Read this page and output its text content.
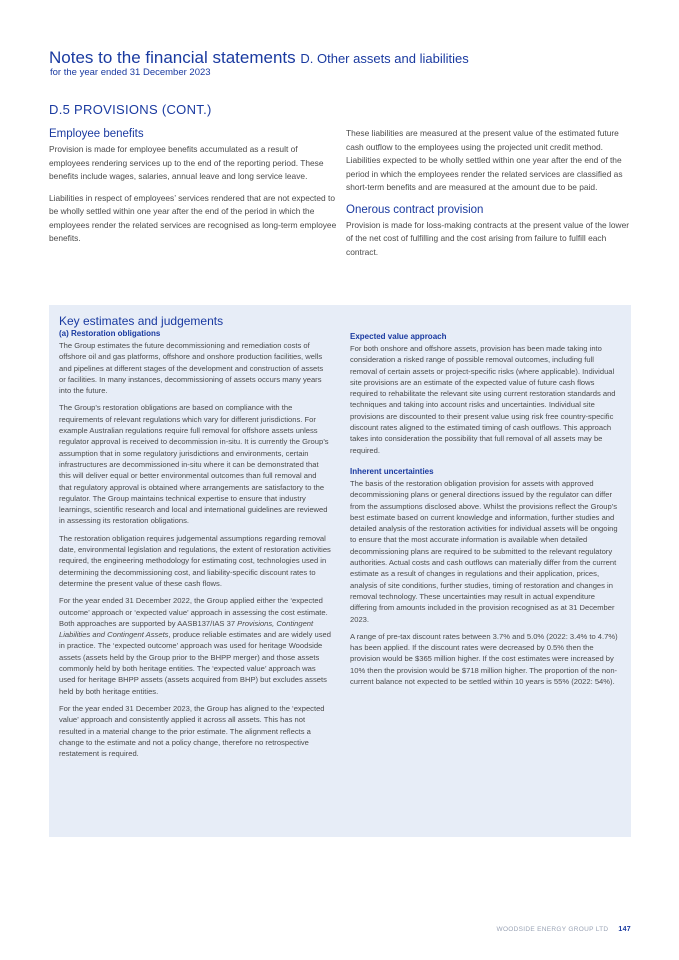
Notes to the financial statements D. Other assets and liabilities
for the year ended 31 December 2023
D.5 PROVISIONS (CONT.)
Employee benefits

Provision is made for employee benefits accumulated as a result of employees rendering services up to the end of the reporting period. These benefits include wages, salaries, annual leave and long service leave.

Liabilities in respect of employees’ services rendered that are not expected to be wholly settled within one year after the end of the period in which the employees render the related services are recognised as long-term employee benefits.

These liabilities are measured at the present value of the estimated future cash outflow to the employees using the projected unit credit method. Liabilities expected to be wholly settled within one year after the end of the period in which the employees render the related services are classified as short-term benefits and are measured at the amount due to be paid.

Onerous contract provision

Provision is made for loss-making contracts at the present value of the lower of the net cost of fulfilling and the cost arising from failure to fulfill each contract.

Key estimates and judgements
(a) Restoration obligations

The Group estimates the future decommissioning and remediation costs of offshore oil and gas platforms, offshore and onshore production facilities, wells and pipelines at different stages of the development and construction of assets or facilities. In many instances, decommissioning of assets occurs many years into the future.

The Group’s restoration obligations are based on compliance with the requirements of relevant regulations which vary for different jurisdictions. For example Australian regulations require full removal for offshore assets unless regulator approval is received to decommission in-situ. It is currently the Group’s assumption that in some regulatory jurisdictions and environments, certain infrastructures are decommissioned in-situ where it can be demonstrated that this will deliver equal or better environmental outcomes than full removal and that regulatory approval is obtained where arrangements are satisfactory to the regulator. The Group maintains technical expertise to ensure that industry learnings, scientific research and local and international guidelines are reviewed in assessing its restoration obligations.

The restoration obligation requires judgemental assumptions regarding removal date, environmental legislation and regulations, the extent of restoration activities required, the engineering methodology for estimating cost, technologies used in determining the decommissioning cost, and liability-specific discount rates to determine the present value of these cash flows.

For the year ended 31 December 2022, the Group applied either the ‘expected outcome’ approach or ‘expected value’ approach in assessing the cost estimate. Both approaches are supported by AASB137/IAS 37 Provisions, Contingent Liabilities and Contingent Assets, produce reliable estimates and are widely used in practice. The ‘expected outcome’ approach was used for heritage Woodside assets (assets held by the Group prior to the BHPP merger) and those assets commonly held by both heritage entities. The ‘expected value’ approach was used for heritage BHPP assets (assets acquired from BHP) but excludes assets held by both heritage entities.

For the year ended 31 December 2023, the Group has aligned to the ‘expected value’ approach and consistently applied it across all assets. This has not resulted in a material change to the prior estimate. The alignment reflects a change to the estimate and not a policy change, therefore no retrospective restatement is required.

Expected value approach

For both onshore and offshore assets, provision has been made taking into consideration a risked range of possible removal outcomes, including full removal of certain assets or project-specific risks (where applicable). Individual site provisions are an estimate of the expected value of future cash flows required to rehabilitate the relevant site using current restoration standards and techniques and taking into account risks and uncertainties. Individual site provisions are discounted to their present value using risk free country-specific discount rates aligned to the estimated timing of cash outflows. This approach takes into consideration the possibility that full removal of all assets may be required.

Inherent uncertainties

The basis of the restoration obligation provision for assets with approved decommissioning plans or general directions issued by the regulator can differ from the assumptions disclosed above. Whilst the provisions reflect the Group’s best estimate based on current knowledge and information, further studies and detailed analysis of the restoration activities for individual assets will be ongoing to ensure that the most accurate information is available when detailed decommissioning plans are required to be submitted to the relevant regulatory authorities. Actual costs and cash outflows can materially differ from the current estimate as a result of changes in regulations and their application, prices, analysis of site conditions, further studies, timing of restoration and changes in removal technology. These uncertainties may result in actual expenditure differing from amounts included in the provision recognised as at 31 December 2023.

A range of pre-tax discount rates between 3.7% and 5.0% (2022: 3.4% to 4.7%) has been applied. If the discount rates were decreased by 0.5% then the provision would be $365 million higher. If the cost estimates were increased by 10% then the provision would be $718 million higher. The proportion of the non-current balance not expected to be settled within 10 years is 55% (2022: 54%).

WOODSIDE ENERGY GROUP LTD 147
